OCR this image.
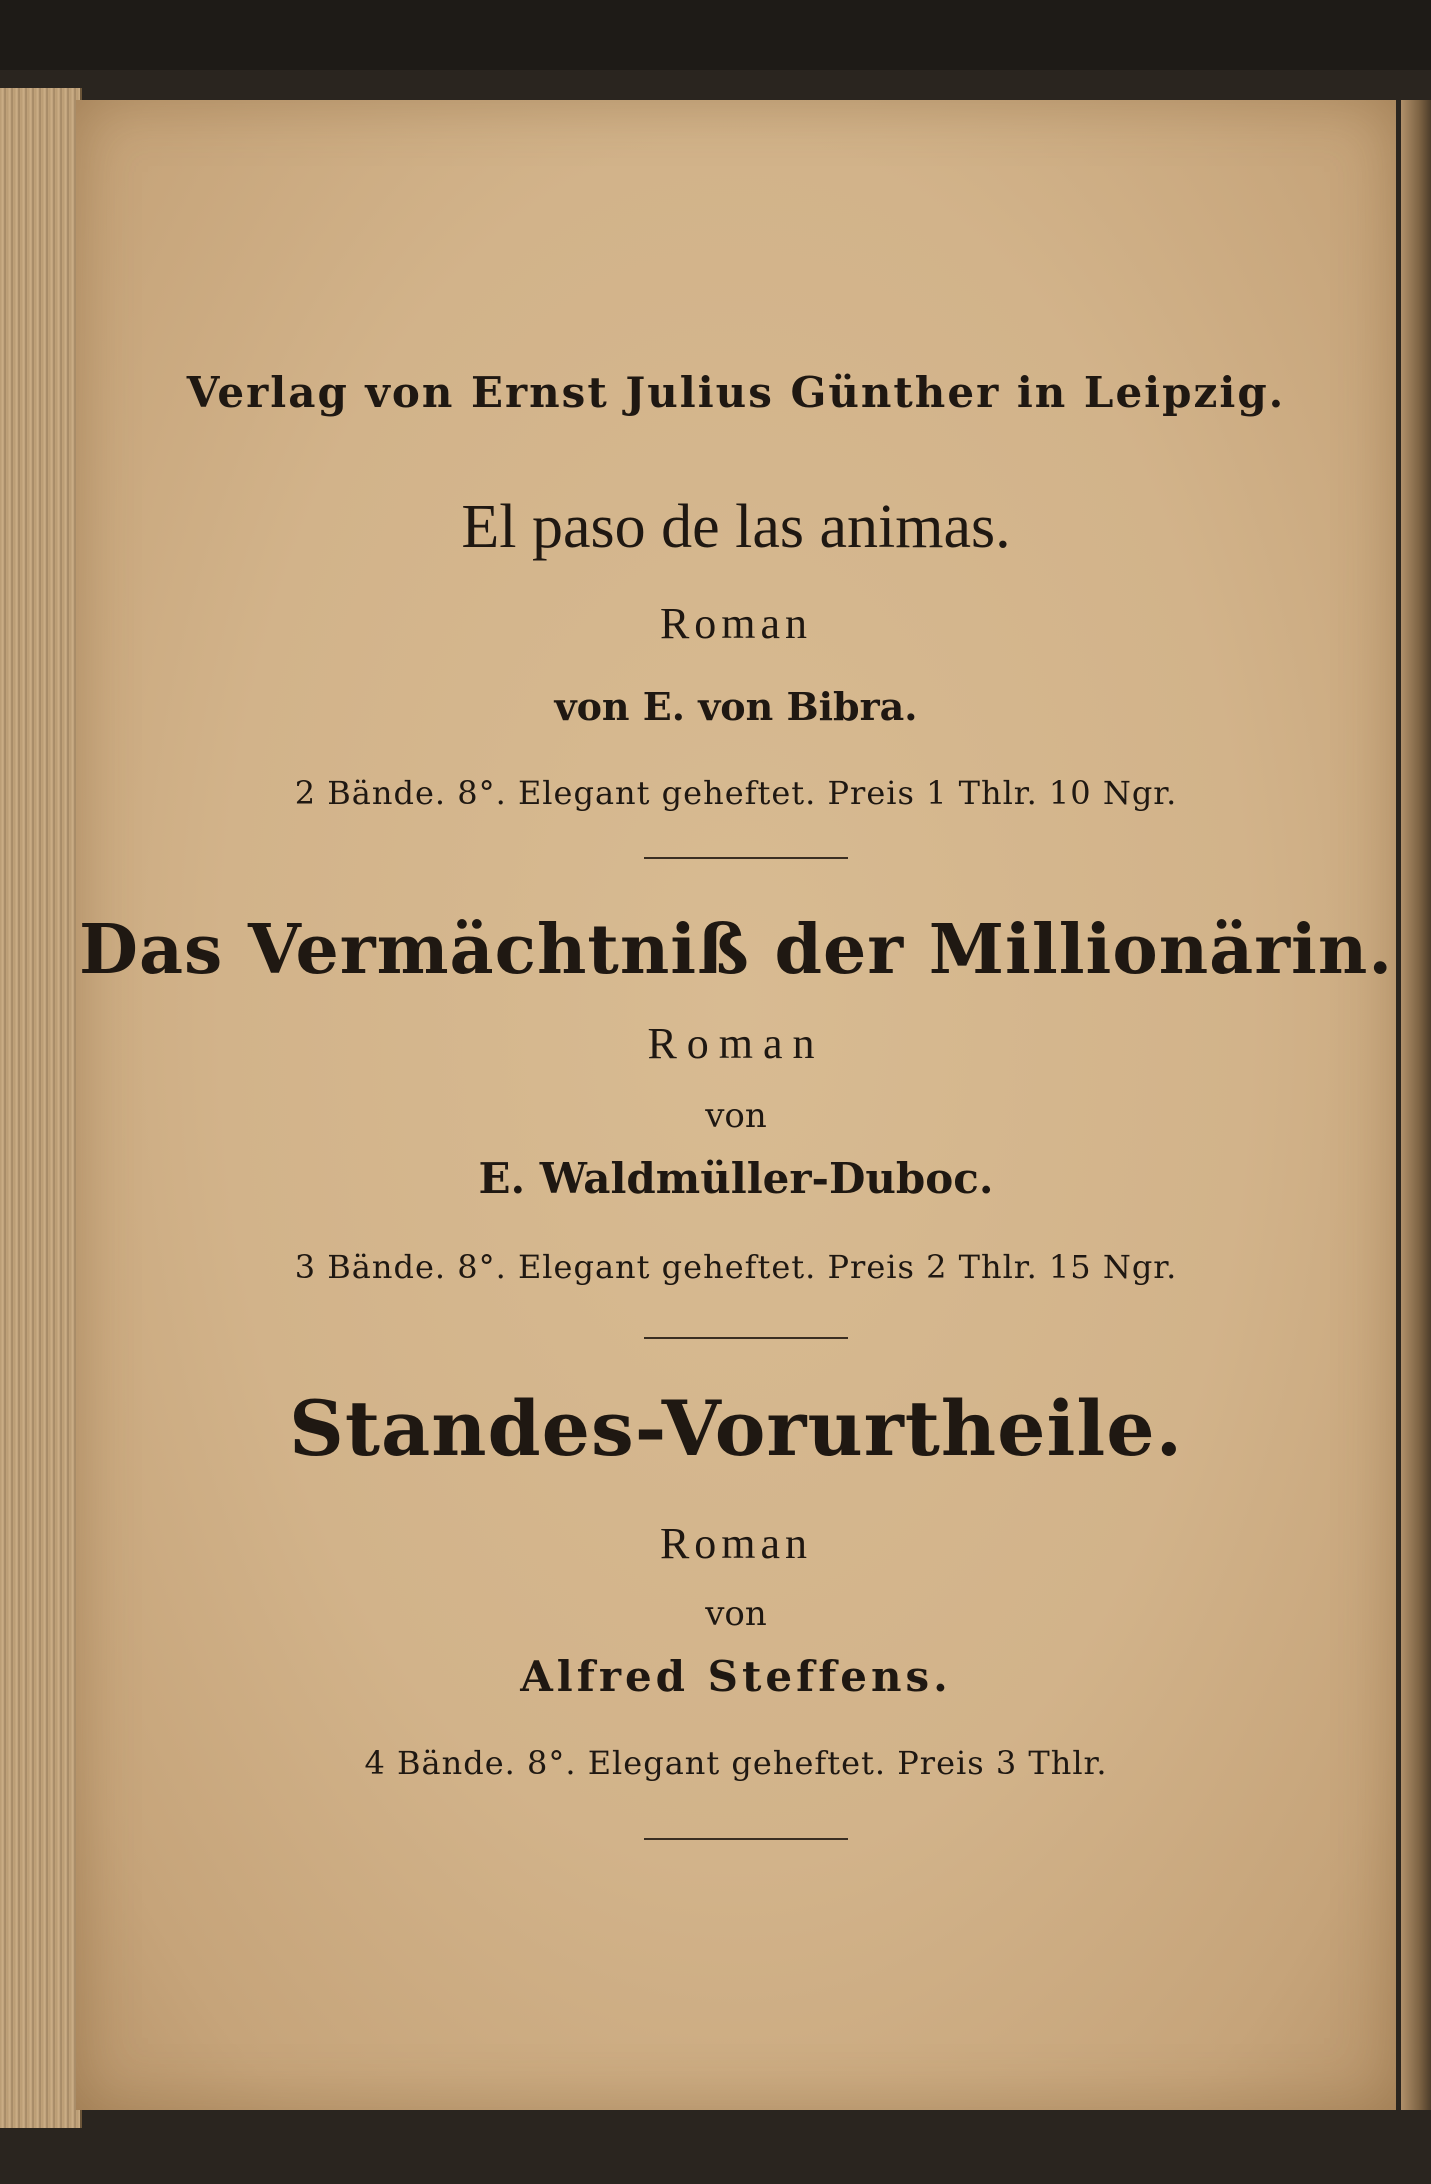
Verlag von Ernst Julius Günther in Leipzig.
El paso de las animas.
Roman
von E. von Bibra.
2 Bände. 8°. Elegant geheftet. Preis 1 Thlr. 10 Ngr.
Das Vermächtniß der Millionärin.
Roman
von
E. Waldmüller-Duboc.
3 Bände. 8°. Elegant geheftet. Preis 2 Thlr. 15 Ngr.
Standes-Vorurtheile.
Roman
von
Alfred Steffens.
4 Bände. 8°. Elegant geheftet. Preis 3 Thlr.
